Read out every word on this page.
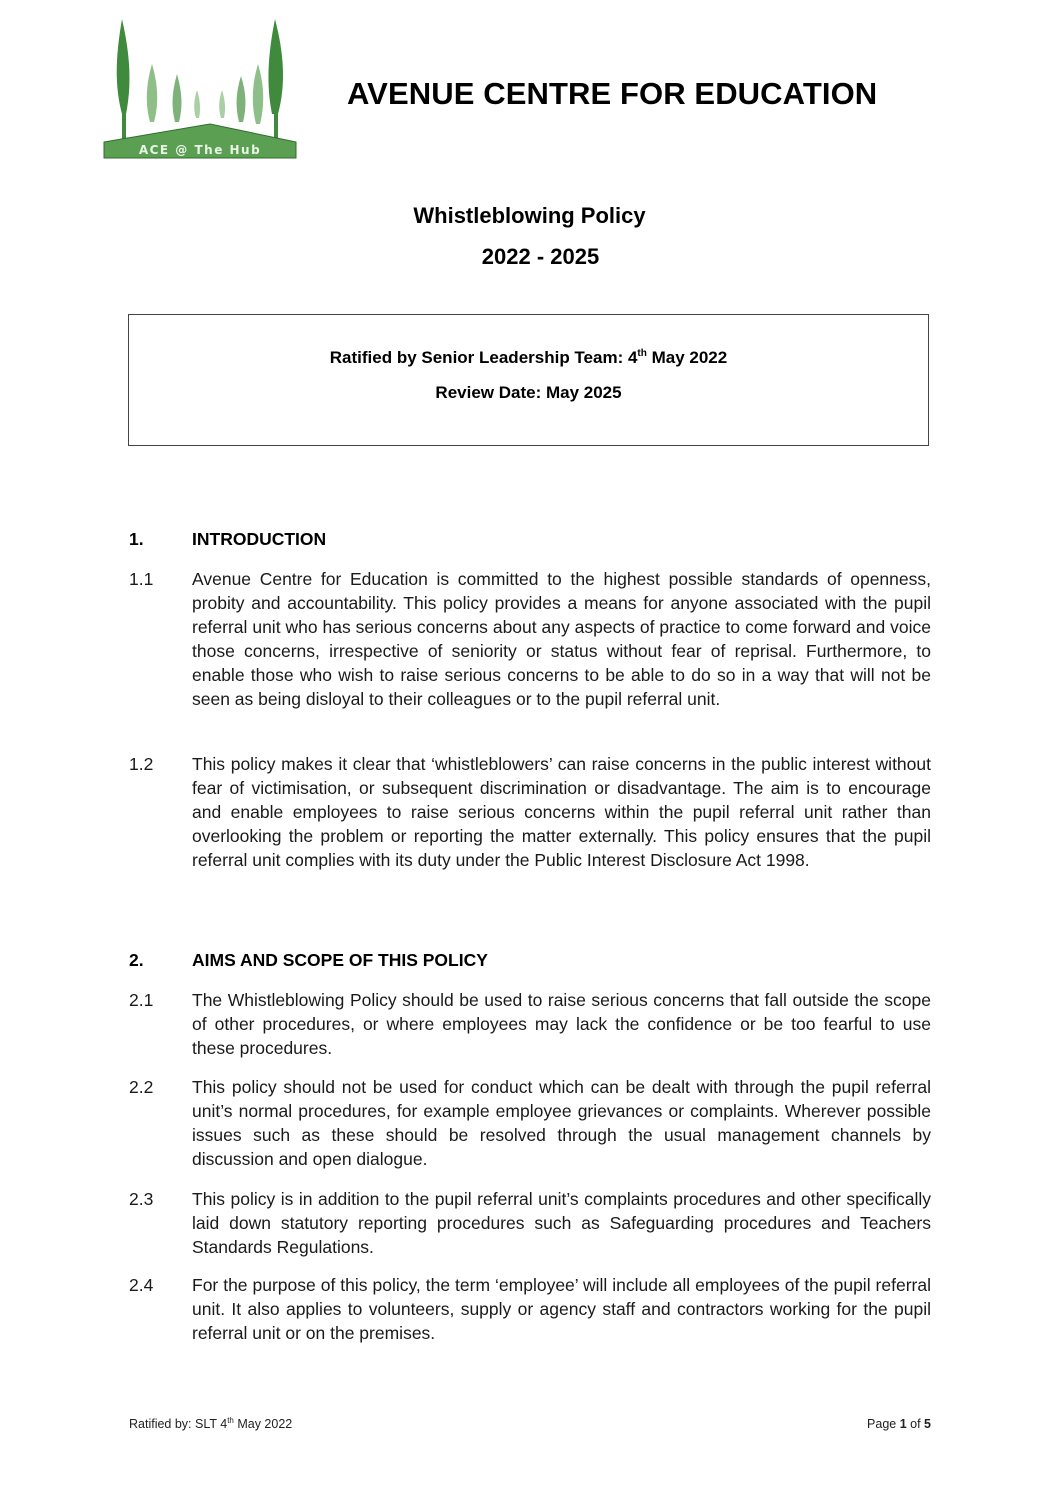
ACE @ The Hub
AVENUE CENTRE FOR EDUCATION
Whistleblowing Policy
2022 - 2025
Ratified by Senior Leadership Team: 4th May 2022
Review Date: May 2025
1.	INTRODUCTION
1.1 Avenue Centre for Education is committed to the highest possible standards of openness, probity and accountability. This policy provides a means for anyone associated with the pupil referral unit who has serious concerns about any aspects of practice to come forward and voice those concerns, irrespective of seniority or status without fear of reprisal. Furthermore, to enable those who wish to raise serious concerns to be able to do so in a way that will not be seen as being disloyal to their colleagues or to the pupil referral unit.
1.2 This policy makes it clear that ‘whistleblowers’ can raise concerns in the public interest without fear of victimisation, or subsequent discrimination or disadvantage. The aim is to encourage and enable employees to raise serious concerns within the pupil referral unit rather than overlooking the problem or reporting the matter externally. This policy ensures that the pupil referral unit complies with its duty under the Public Interest Disclosure Act 1998.
2.	AIMS AND SCOPE OF THIS POLICY
2.1 The Whistleblowing Policy should be used to raise serious concerns that fall outside the scope of other procedures, or where employees may lack the confidence or be too fearful to use these procedures.
2.2 This policy should not be used for conduct which can be dealt with through the pupil referral unit’s normal procedures, for example employee grievances or complaints. Wherever possible issues such as these should be resolved through the usual management channels by discussion and open dialogue.
2.3 This policy is in addition to the pupil referral unit’s complaints procedures and other specifically laid down statutory reporting procedures such as Safeguarding procedures and Teachers Standards Regulations.
2.4 For the purpose of this policy, the term ‘employee’ will include all employees of the pupil referral unit. It also applies to volunteers, supply or agency staff and contractors working for the pupil referral unit or on the premises.
Ratified by: SLT 4th May 2022	Page 1 of 5
